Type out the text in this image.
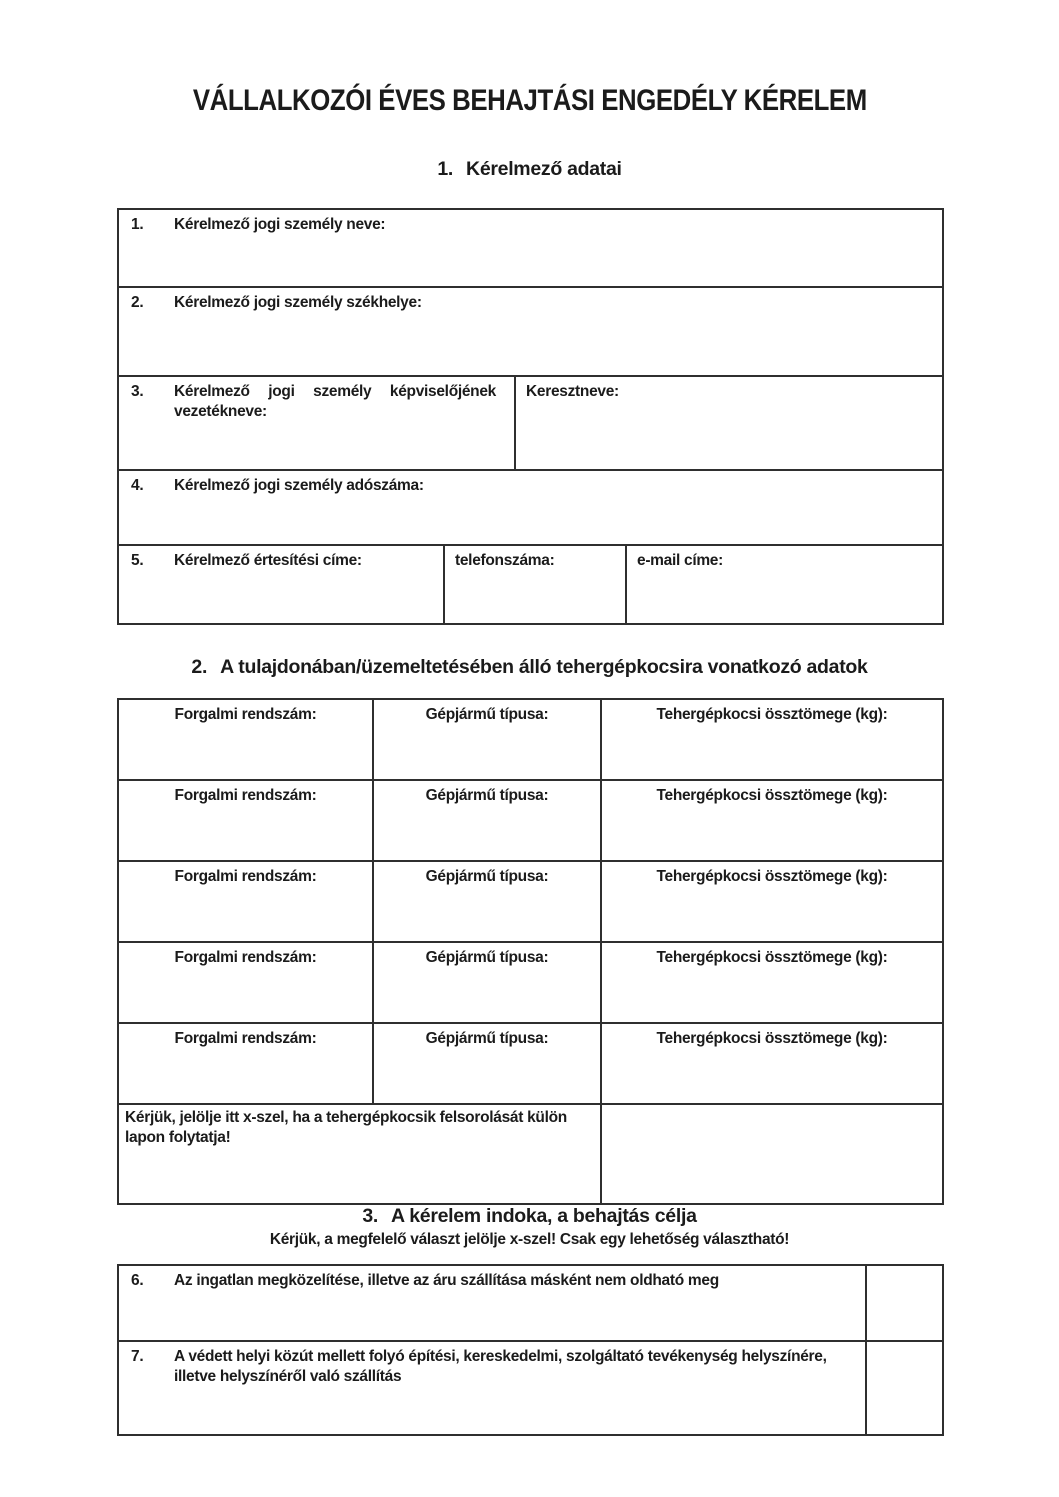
VÁLLALKOZÓI ÉVES BEHAJTÁSI ENGEDÉLY KÉRELEM
1. Kérelmező adatai
1. Kérelmező jogi személy neve:			

2. Kérelmező jogi személy székhelye:			

3. Kérelmező jogi személy képviselőjének vezetékneve:		Keresztneve:	

4. Kérelmező jogi személy adószáma:			

5. Kérelmező értesítési címe:	telefonszáma:		e-mail címe:
2. A tulajdonában/üzemeltetésében álló tehergépkocsira vonatkozó adatok
Forgalmi rendszám:	Gépjármű típusa:	Tehergépkocsi össztömege (kg):
Forgalmi rendszám:	Gépjármű típusa:	Tehergépkocsi össztömege (kg):
Forgalmi rendszám:	Gépjármű típusa:	Tehergépkocsi össztömege (kg):
Forgalmi rendszám:	Gépjármű típusa:	Tehergépkocsi össztömege (kg):
Forgalmi rendszám:	Gépjármű típusa:	Tehergépkocsi össztömege (kg):

Kérjük, jelölje itt x-szel, ha a tehergépkocsik felsorolását külön lapon folytatja!		

3. A kérelem indoka, a behajtás célja
Kérjük, a megfelelő választ jelölje x-szel! Csak egy lehetőség választható!
6. Az ingatlan megközelítése, illetve az áru szállítása másként nem oldható meg	

7. A védett helyi közút mellett folyó építési, kereskedelmi, szolgáltató tevékenység helyszínére, illetve helyszínéről való szállítás	
